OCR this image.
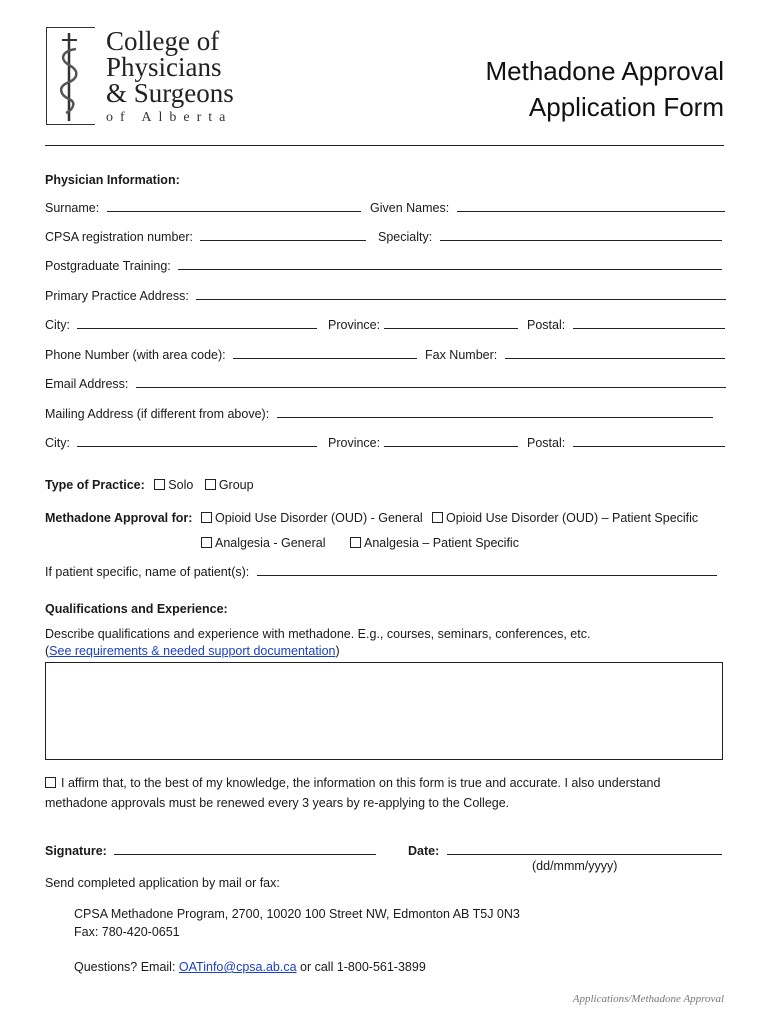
College of
Physicians
& Surgeons
of Alberta
Methadone Approval
Application Form
Physician Information:
Surname:	Given Names:
CPSA registration number:	Specialty:
Postgraduate Training:
Primary Practice Address:
City:	Province:	Postal:
Phone Number (with area code):	Fax Number:
Email Address:
Mailing Address (if different from above):
City:	Province:	Postal:
Type of Practice: Solo Group
Methadone Approval for:	Opioid Use Disorder (OUD) - General	Opioid Use Disorder (OUD) – Patient Specific
Analgesia - General	Analgesia – Patient Specific
If patient specific, name of patient(s):
Qualifications and Experience:
Describe qualifications and experience with methadone. E.g., courses, seminars, conferences, etc.
(See requirements & needed support documentation)
I affirm that, to the best of my knowledge, the information on this form is true and accurate. I also understand
methadone approvals must be renewed every 3 years by re-applying to the College.
Signature:	Date:
(dd/mmm/yyyy)
Send completed application by mail or fax:
CPSA Methadone Program, 2700, 10020 100 Street NW, Edmonton AB T5J 0N3
Fax: 780-420-0651
Questions? Email: OATinfo@cpsa.ab.ca or call 1-800-561-3899
Applications/Methadone Approval
